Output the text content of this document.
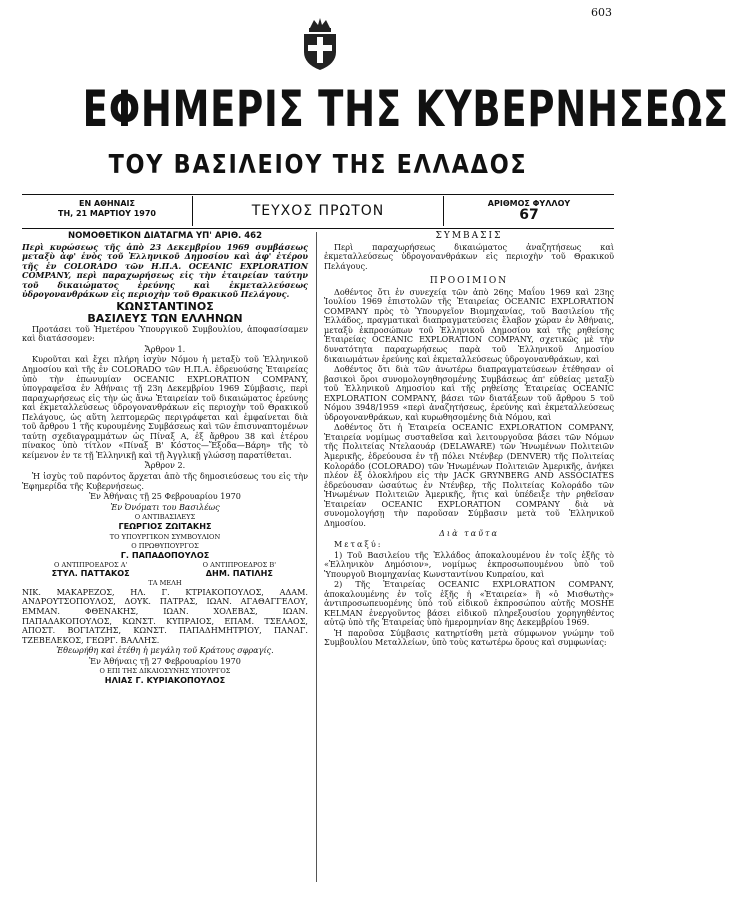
603
ΕΦΗΜΕΡΙΣ ΤΗΣ ΚΥΒΕΡΝΗΣΕΩΣ
ΤΟΥ ΒΑΣΙΛΕΙΟΥ ΤΗΣ ΕΛΛΑΔΟΣ
ΕΝ ΑΘΗΝΑΙΣ
ΤΗ, 21 ΜΑΡΤΙΟΥ 1970	ΤΕΥΧΟΣ ΠΡΩΤΟΝ	ΑΡΙΘΜΟΣ ΦΥΛΛΟΥ
67

ΝΟΜΟΘΕΤΙΚΟΝ ΔΙΑΤΑΓΜΑ ΥΠ' ΑΡΙΘ. 462

Περὶ κυρώσεως τῆς ἀπὸ 23 Δεκεμβρίου 1969 συμβάσεως μεταξὺ ἀφ' ἑνὸς τοῦ Ἑλληνικοῦ Δημοσίου καὶ ἀφ' ἑτέρου τῆς ἐν COLORADO τῶν Η.Π.Α. OCEANIC EXPLORATION COMPANY, περὶ παραχωρήσεως εἰς τὴν ἑταιρείαν ταύτην τοῦ δικαιώματος ἐρεύνης καὶ ἐκμεταλλεύσεως ὑδρογονανθράκων εἰς περιοχὴν τοῦ Θρακικοῦ Πελάγους.

ΚΩΝΣΤΑΝΤΙΝΟΣ

ΒΑΣΙΛΕΥΣ ΤΩΝ ΕΛΛΗΝΩΝ

Προτάσει τοῦ Ἡμετέρου Ὑπουργικοῦ Συμβουλίου, ἀποφασίσαμεν καὶ διατάσσομεν:

Ἄρθρον 1.

Κυροῦται καὶ ἔχει πλήρη ἰσχὺν Νόμου ἡ μεταξὺ τοῦ Ἑλληνικοῦ Δημοσίου καὶ τῆς ἐν COLORADO τῶν Η.Π.Α. ἑδρευούσης Ἑταιρείας ὑπὸ τὴν ἐπωνυμίαν OCEANIC EXPLORATION COMPANY, ὑπογραφεῖσα ἐν Ἀθήναις τῇ 23η Δεκεμβρίου 1969 Σύμβασις, περὶ παραχωρήσεως εἰς τὴν ὡς ἄνω Ἑταιρείαν τοῦ δικαιώματος ἐρεύνης καὶ ἐκμεταλλεύσεως ὑδρογονανθράκων εἰς περιοχὴν τοῦ Θρακικοῦ Πελάγους, ὡς αὕτη λεπτομερῶς περιγράφεται καὶ ἐμφαίνεται διὰ τοῦ ἄρθρου 1 τῆς κυρουμένης Συμβάσεως καὶ τῶν ἐπισυναπτομένων ταύτῃ σχεδιαγραμμάτων ὡς Πίναξ Α, ἐξ ἄρθρου 38 καὶ ἑτέρου πίνακος ὑπὸ τίτλον «Πίναξ Β' Κόστος—Ἔξοδα—Βάρη» τῆς τὸ κείμενον ἐν τε τῇ Ἑλληνικῇ καὶ τῇ Ἀγγλικῇ γλώσσῃ παρατίθεται.

Ἄρθρον 2.

Ἡ ἰσχὺς τοῦ παρόντος ἄρχεται ἀπὸ τῆς δημοσιεύσεως του εἰς τὴν Ἐφημερίδα τῆς Κυβερνήσεως.

Ἐν Ἀθήναις τῇ 25 Φεβρουαρίου 1970

Ἐν Ὀνόματι του Βασιλέως

Ο ΑΝΤΙΒΑΣΙΛΕΥΣ

ΓΕΩΡΓΙΟΣ ΖΩΙΤΑΚΗΣ

ΤΟ ΥΠΟΥΡΓΙΚΟΝ ΣΥΜΒΟΥΛΙΟΝ

Ο ΠΡΩΘΥΠΟΥΡΓΟΣ

Γ. ΠΑΠΑΔΟΠΟΥΛΟΣ

Ο ΑΝΤΙΠΡΟΕΔΡΟΣ Α'
ΣΤΥΛ. ΠΑΤΤΑΚΟΣ
Ο ΑΝΤΙΠΡΟΕΔΡΟΣ Β'
ΔΗΜ. ΠΑΤΙΛΗΣ

ΤΑ ΜΕΛΗ

ΝΙΚ. ΜΑΚΑΡΕΖΟΣ, ΗΛ. Γ. ΚΤΡΙΑΚΟΠΟΥΛΟΣ, ΑΔΑΜ. ΑΝΔΡΟΥΤΣΟΠΟΥΛΟΣ, ΔΟΥΚ. ΠΑΤΡΑΣ, ΙΩΑΝ. ΑΓΑΘΑΓΓΕΛΟΥ, ΕΜΜΑΝ. ΦΘΕΝΑΚΗΣ, ΙΩΑΝ. ΧΟΛΕΒΑΣ, ΙΩΑΝ. ΠΑΠΑΔΑΚΟΠΟΥΛΟΣ, ΚΩΝΣΤ. ΚΥΠΡΑΙΟΣ, ΕΠΑΜ. ΤΣΕΛΑΟΣ, ΑΠΟΣΤ. ΒΟΓΙΑΤΖΗΣ, ΚΩΝΣΤ. ΠΑΠΑΔΗΜΗΤΡΙΟΥ, ΠΑΝΑΓ. ΤΖΕΒΕΛΕΚΟΣ, ΓΕΩΡΓ. ΒΑΛΛΗΣ.

Ἐθεωρήθη καὶ ἐτέθη ἡ μεγάλη τοῦ Κράτους σφραγίς.

Ἐν Ἀθήναις τῇ 27 Φεβρουαρίου 1970

Ο ΕΠΙ ΤΗΣ ΔΙΚΑΙΟΣΥΝΗΣ ΥΠΟΥΡΓΟΣ

ΗΛΙΑΣ Γ. ΚΥΡΙΑΚΟΠΟΥΛΟΣ

ΣΥΜΒΑΣΙΣ

Περὶ παραχωρήσεως δικαιώματος ἀναζητήσεως καὶ ἐκμεταλλεύσεως ὑδρογονανθράκων εἰς περιοχὴν τοῦ Θρακικοῦ Πελάγους.

ΠΡΟΟΙΜΙΟΝ

Δοθέντος ὅτι ἐν συνεχείᾳ τῶν ἀπὸ 26ης Μαΐου 1969 καὶ 23ης Ἰουλίου 1969 ἐπιστολῶν τῆς Ἑταιρείας OCEANIC EXPLORATION COMPANY πρὸς τὸ Ὑπουργεῖον Βιομηχανίας, τοῦ Βασιλείου τῆς Ἑλλάδος, πραγματικαὶ διαπραγματεύσεις ἔλαβον χώραν ἐν Ἀθήναις, μεταξὺ ἐκπροσώπων τοῦ Ἑλληνικοῦ Δημοσίου καὶ τῆς ρηθείσης Ἑταιρείας OCEANIC EXPLORATION COMPANY, σχετικῶς μὲ τὴν δυνατότητα παραχωρήσεως παρὰ τοῦ Ἑλληνικοῦ Δημοσίου δικαιωμάτων ἐρεύνης καὶ ἐκμεταλλεύσεως ὑδρογονανθράκων, καὶ

Δοθέντος ὅτι διὰ τῶν ἀνωτέρω διαπραγματεύσεων ἐτέθησαν οἱ βασικοὶ ὅροι συνομολογηθησομένης Συμβάσεως ἀπ' εὐθείας μεταξὺ τοῦ Ἑλληνικοῦ Δημοσίου καὶ τῆς ρηθείσης Ἑταιρείας OCEANIC EXPLORATION COMPANY, βάσει τῶν διατάξεων τοῦ ἄρθρου 5 τοῦ Νόμου 3948/1959 «περὶ ἀναζητήσεως, ἐρεύνης καὶ ἐκμεταλλεύσεως ὑδρογονανθράκων, καὶ κυρωθησομένης διὰ Νόμου, καὶ

Δοθέντος ὅτι ἡ Ἑταιρεία OCEANIC EXPLORATION COMPANY, Ἑταιρεία νομίμως συσταθεῖσα καὶ λειτουργοῦσα βάσει τῶν Νόμων τῆς Πολιτείας Ντελαουάρ (DELAWARE) τῶν Ἡνωμένων Πολιτειῶν Ἀμερικῆς, ἑδρεύουσα ἐν τῇ πόλει Ντένβερ (DENVER) τῆς Πολιτείας Κολοράδο (COLORADO) τῶν Ἡνωμένων Πολιτειῶν Ἀμερικῆς, ἀνήκει πλέον ἐξ ὁλοκλήρου εἰς τὴν JACK GRYNBERG AND ASSOCIATES ἑδρεύουσαν ὡσαύτως ἐν Ντένβερ, τῆς Πολιτείας Κολοράδο τῶν Ἡνωμένων Πολιτειῶν Ἀμερικῆς, ἥτις καὶ ὑπέδειξε τὴν ρηθεῖσαν Ἑταιρείαν OCEANIC EXPLORATION COMPANY διὰ νὰ συνομολογήσῃ τὴν παροῦσαν Σύμβασιν μετὰ τοῦ Ἑλληνικοῦ Δημοσίου.

Διὰ ταῦτα

Μεταξύ:

1) Τοῦ Βασιλείου τῆς Ἑλλάδος ἀποκαλουμένου ἐν τοῖς ἑξῆς τὸ «Ἑλληνικὸν Δημόσιον», νομίμως ἐκπροσωπουμένου ὑπὸ τοῦ Ὑπουργοῦ Βιομηχανίας Κωνσταντίνου Κυπραίου, καὶ

2) Τῆς Ἑταιρείας OCEANIC EXPLORATION COMPANY, ἀποκαλουμένης ἐν τοῖς ἑξῆς ἡ «Ἑταιρεία» ἢ «ὁ Μισθωτὴς» ἀντιπροσωπευομένης ὑπὸ τοῦ εἰδικοῦ ἐκπροσώπου αὐτῆς MOSHE KELMAN ἐνεργοῦντος βάσει εἰδικοῦ πληρεξουσίου χορηγηθέντος αὐτῷ ὑπὸ τῆς Ἑταιρείας ὑπὸ ἡμερομηνίαν 8ης Δεκεμβρίου 1969.

Ἡ παροῦσα Σύμβασις κατηρτίσθη μετὰ σύμφωνον γνώμην τοῦ Συμβουλίου Μεταλλείων, ὑπὸ τοὺς κατωτέρω ὅρους καὶ συμφωνίας:
